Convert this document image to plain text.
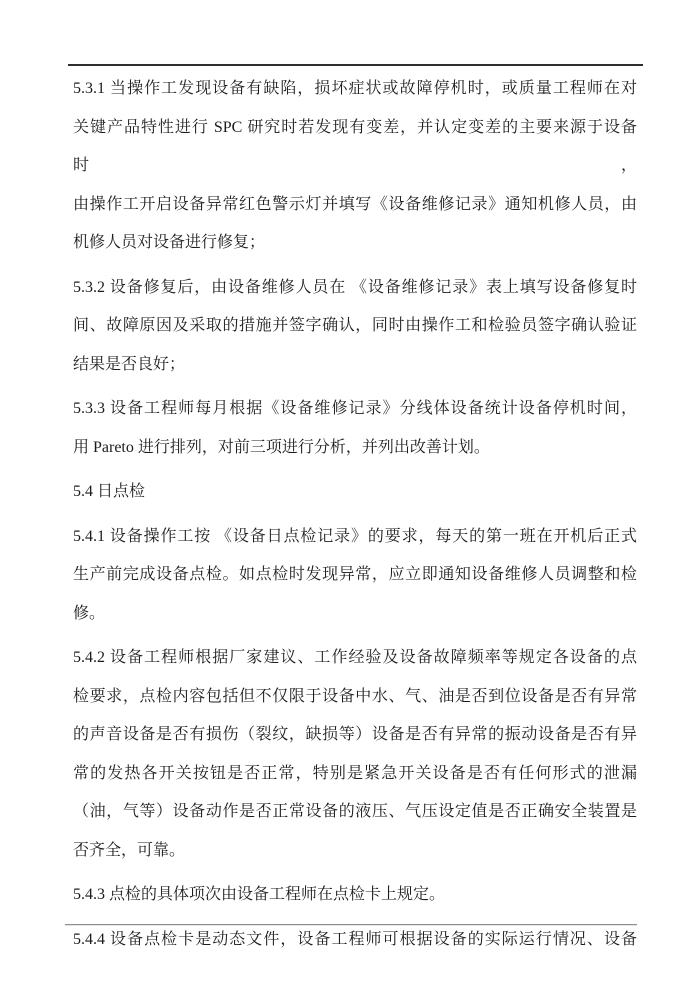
5.3.1 当操作工发现设备有缺陷，损坏症状或故障停机时，或质量工程师在对
关键产品特性进行 SPC 研究时若发现有变差，并认定变差的主要来源于设备时，
由操作工开启设备异常红色警示灯并填写《设备维修记录》通知机修人员，由
机修人员对设备进行修复；
5.3.2 设备修复后，由设备维修人员在 《设备维修记录》表上填写设备修复时
间、故障原因及采取的措施并签字确认，同时由操作工和检验员签字确认验证
结果是否良好；
5.3.3 设备工程师每月根据《设备维修记录》分线体设备统计设备停机时间，
用 Pareto 进行排列，对前三项进行分析，并列出改善计划。
5.4 日点检
5.4.1 设备操作工按 《设备日点检记录》的要求，每天的第一班在开机后正式
生产前完成设备点检。如点检时发现异常，应立即通知设备维修人员调整和检
修。
5.4.2 设备工程师根据厂家建议、工作经验及设备故障频率等规定各设备的点
检要求，点检内容包括但不仅限于设备中水、气、油是否到位设备是否有异常
的声音设备是否有损伤（裂纹，缺损等）设备是否有异常的振动设备是否有异
常的发热各开关按钮是否正常，特别是紧急开关设备是否有任何形式的泄漏
（油，气等）设备动作是否正常设备的液压、气压设定值是否正确安全装置是
否齐全，可靠。
5.4.3 点检的具体项次由设备工程师在点检卡上规定。
5.4.4 设备点检卡是动态文件，设备工程师可根据设备的实际运行情况、设备
